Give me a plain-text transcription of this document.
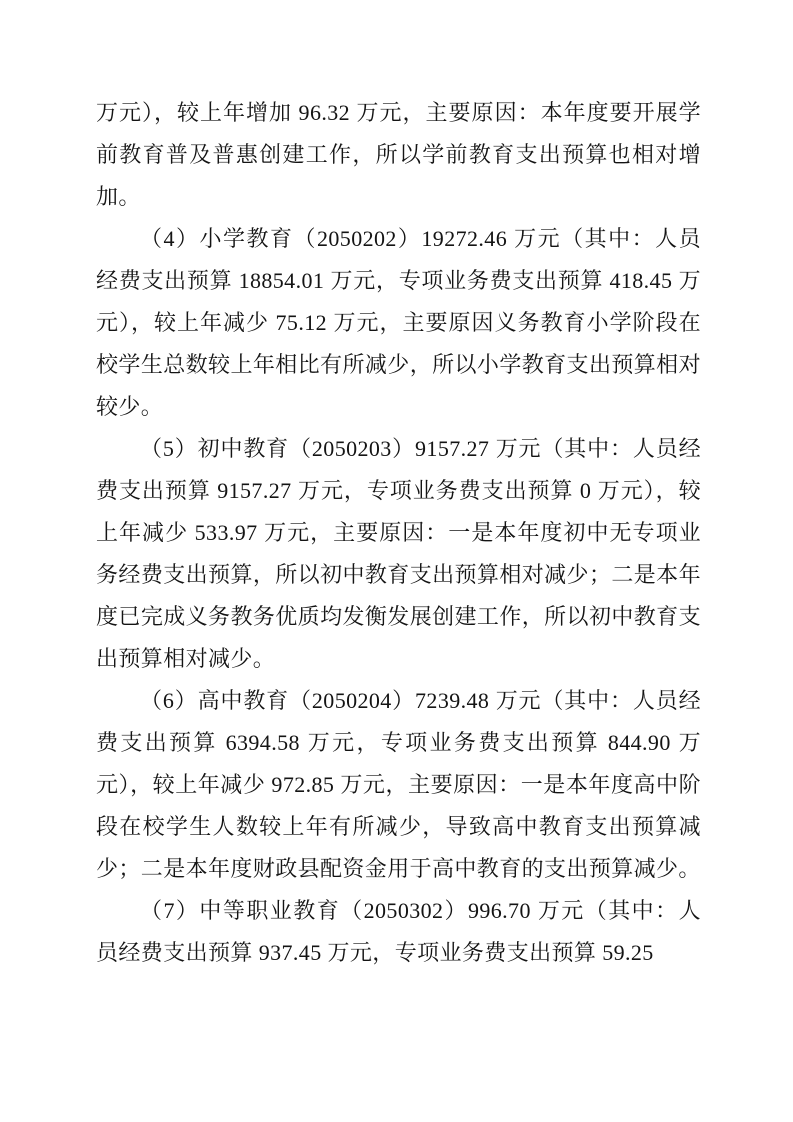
万元），较上年增加 96.32 万元，主要原因：本年度要开展学前教育普及普惠创建工作，所以学前教育支出预算也相对增加。

（4）小学教育（2050202）19272.46 万元（其中：人员经费支出预算 18854.01 万元，专项业务费支出预算 418.45 万元），较上年减少 75.12 万元，主要原因义务教育小学阶段在校学生总数较上年相比有所减少，所以小学教育支出预算相对较少。

（5）初中教育（2050203）9157.27 万元（其中：人员经费支出预算 9157.27 万元，专项业务费支出预算 0 万元），较上年减少 533.97 万元，主要原因：一是本年度初中无专项业务经费支出预算，所以初中教育支出预算相对减少；二是本年度已完成义务教务优质均发衡发展创建工作，所以初中教育支出预算相对减少。

（6）高中教育（2050204）7239.48 万元（其中：人员经费支出预算 6394.58 万元，专项业务费支出预算 844.90 万元），较上年减少 972.85 万元，主要原因：一是本年度高中阶段在校学生人数较上年有所减少，导致高中教育支出预算减少；二是本年度财政县配资金用于高中教育的支出预算减少。

（7）中等职业教育（2050302）996.70 万元（其中：人员经费支出预算 937.45 万元，专项业务费支出预算 59.25
